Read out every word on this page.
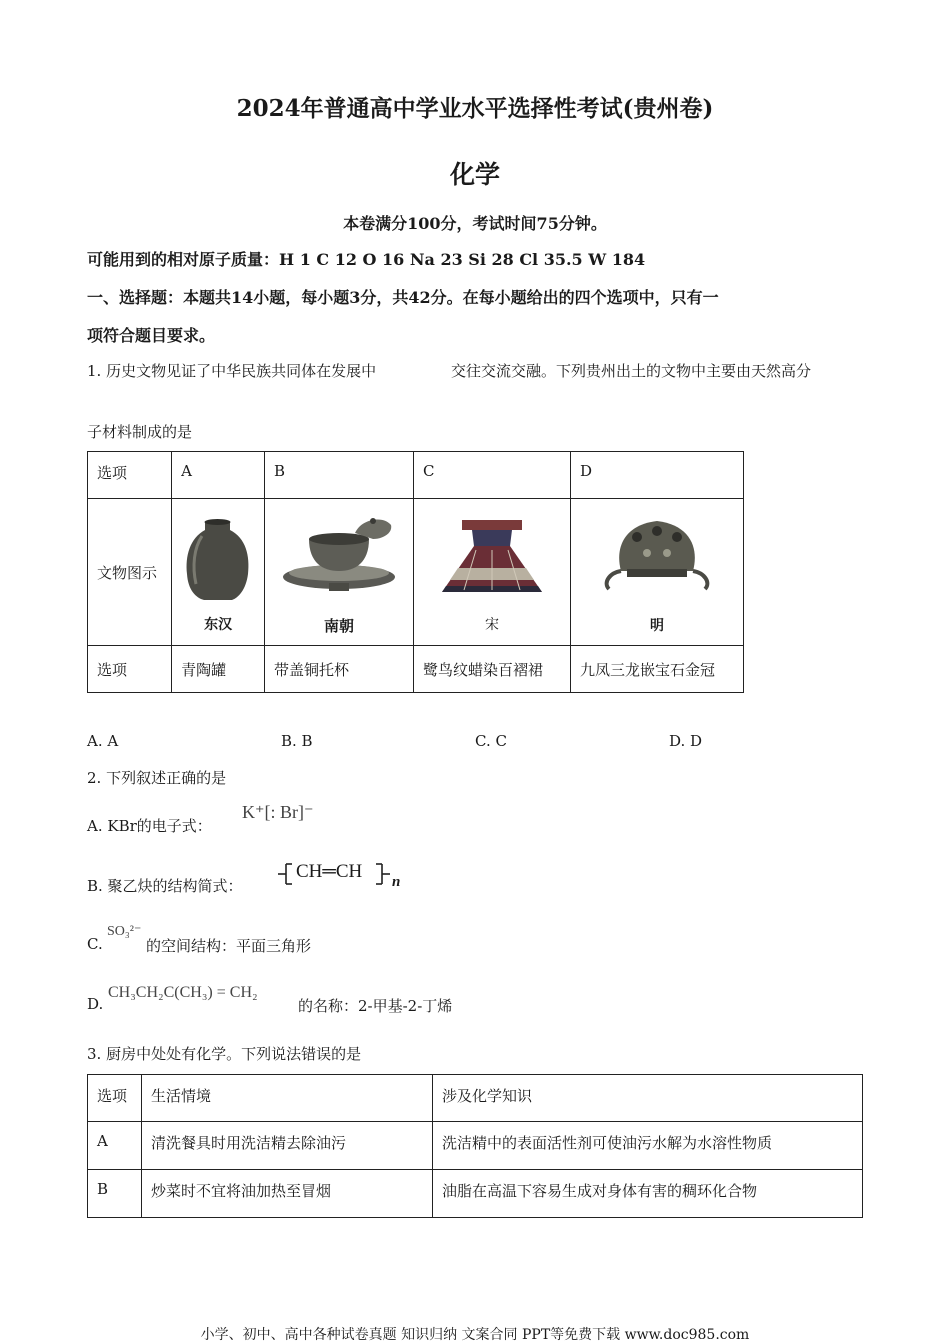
2024年普通高中学业水平选择性考试(贵州卷)
化学
本卷满分100分，考试时间75分钟。
可能用到的相对原子质量：H 1 C 12 O 16 Na 23 Si 28 Cl 35.5 W 184
一、选择题：本题共14小题，每小题3分，共42分。在每小题给出的四个选项中，只有一
项符合题目要求。
1. 历史文物见证了中华民族共同体在发展中	交往交流交融。下列贵州出土的文物中主要由天然高分
子材料制成的是
选项	A	B	C	D
文物图示	东汉	南朝	宋	明

选项	青陶罐	带盖铜托杯	鹭鸟纹蜡染百褶裙	九凤三龙嵌宝石金冠
A. A	B. B	C. C	D. D
2. 下列叙述正确的是
A. KBr的电子式：
K⁺[: Br]⁻
B. 聚乙炔的结构简式：
CH═CH n
C.
SO₃²⁻
的空间结构：平面三角形
D.
CH₃CH₂C(CH₃) = CH₂
的名称：2-甲基-2-丁烯
3. 厨房中处处有化学。下列说法错误的是
选项	生活情境	涉及化学知识
A	清洗餐具时用洗洁精去除油污	洗洁精中的表面活性剂可使油污水解为水溶性物质
B	炒菜时不宜将油加热至冒烟	油脂在高温下容易生成对身体有害的稠环化合物
小学、初中、高中各种试卷真题 知识归纳 文案合同 PPT等免费下载 www.doc985.com
